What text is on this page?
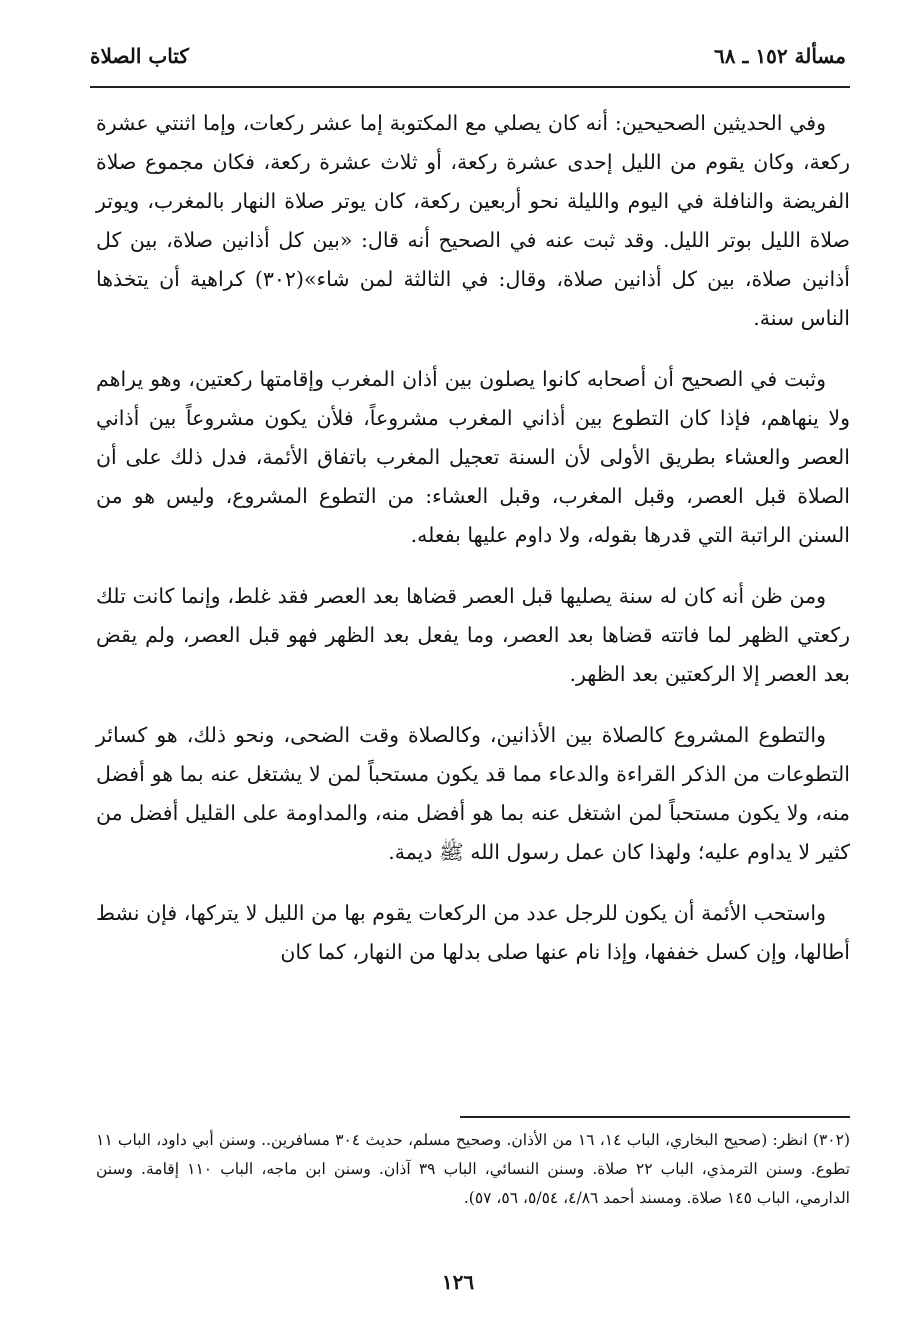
مسألة ١٥٢ ـ ٦٨
كتاب الصلاة

وفي الحديثين الصحيحين: أنه كان يصلي مع المكتوبة إما عشر ركعات، وإما اثنتي عشرة ركعة، وكان يقوم من الليل إحدى عشرة ركعة، أو ثلاث عشرة ركعة، فكان مجموع صلاة الفريضة والنافلة في اليوم والليلة نحو أربعين ركعة، كان يوتر صلاة النهار بالمغرب، ويوتر صلاة الليل بوتر الليل. وقد ثبت عنه في الصحيح أنه قال: «بين كل أذانين صلاة، بين كل أذانين صلاة، بين كل أذانين صلاة، وقال: في الثالثة لمن شاء»(٣٠٢) كراهية أن يتخذها الناس سنة.

وثبت في الصحيح أن أصحابه كانوا يصلون بين أذان المغرب وإقامتها ركعتين، وهو يراهم ولا ينهاهم، فإذا كان التطوع بين أذاني المغرب مشروعاً، فلأن يكون مشروعاً بين أذاني العصر والعشاء بطريق الأولى لأن السنة تعجيل المغرب باتفاق الأئمة، فدل ذلك على أن الصلاة قبل العصر، وقبل المغرب، وقبل العشاء: من التطوع المشروع، وليس هو من السنن الراتبة التي قدرها بقوله، ولا داوم عليها بفعله.

ومن ظن أنه كان له سنة يصليها قبل العصر قضاها بعد العصر فقد غلط، وإنما كانت تلك ركعتي الظهر لما فاتته قضاها بعد العصر، وما يفعل بعد الظهر فهو قبل العصر، ولم يقض بعد العصر إلا الركعتين بعد الظهر.

والتطوع المشروع كالصلاة بين الأذانين، وكالصلاة وقت الضحى، ونحو ذلك، هو كسائر التطوعات من الذكر القراءة والدعاء مما قد يكون مستحباً لمن لا يشتغل عنه بما هو أفضل منه، ولا يكون مستحباً لمن اشتغل عنه بما هو أفضل منه، والمداومة على القليل أفضل من كثير لا يداوم عليه؛ ولهذا كان عمل رسول الله ﷺ ديمة.

واستحب الأئمة أن يكون للرجل عدد من الركعات يقوم بها من الليل لا يتركها، فإن نشط أطالها، وإن كسل خففها، وإذا نام عنها صلى بدلها من النهار، كما كان

(٣٠٢) انظر: (صحيح البخاري، الباب ١٤، ١٦ من الأذان. وصحيح مسلم، حديث ٣٠٤ مسافرين.. وسنن أبي داود، الباب ١١ تطوع. وسنن الترمذي، الباب ٢٢ صلاة. وسنن النسائي، الباب ٣٩ آذان. وسنن ابن ماجه، الباب ١١٠ إقامة. وسنن الدارمي، الباب ١٤٥ صلاة. ومسند أحمد ٤/٨٦، ٥/٥٤، ٥٦، ٥٧).

١٢٦
